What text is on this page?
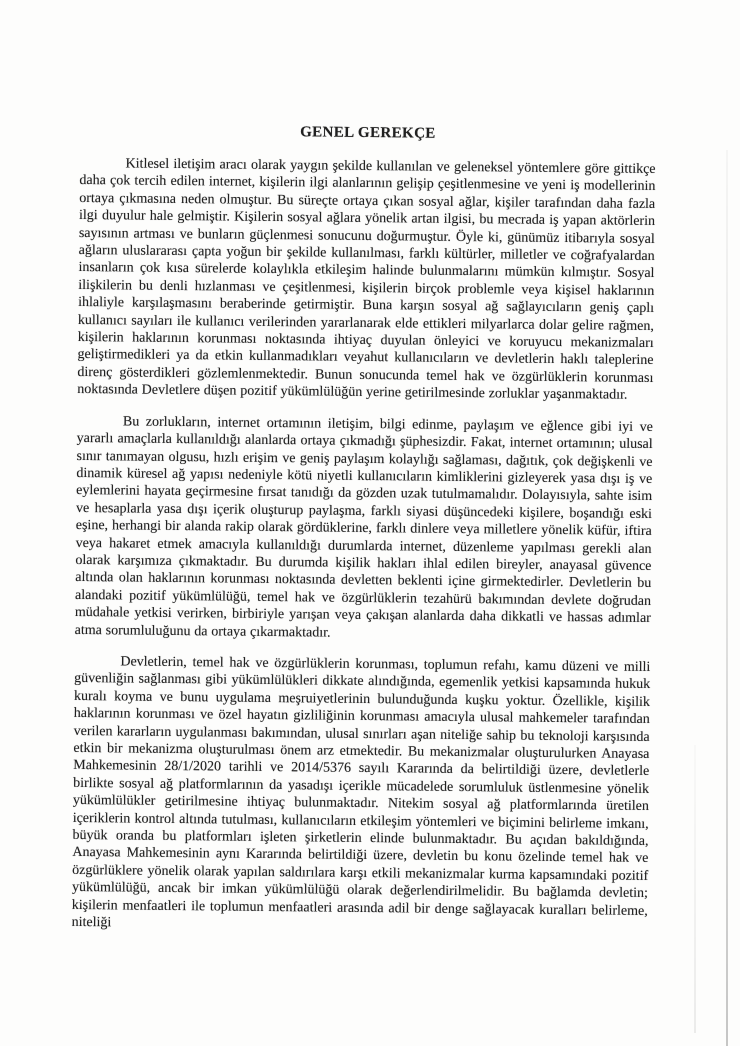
GENEL GEREKÇE

Kitlesel iletişim aracı olarak yaygın şekilde kullanılan ve geleneksel yöntemlere göre gittikçe daha çok tercih edilen internet, kişilerin ilgi alanlarının gelişip çeşitlenmesine ve yeni iş modellerinin ortaya çıkmasına neden olmuştur. Bu süreçte ortaya çıkan sosyal ağlar, kişiler tarafından daha fazla ilgi duyulur hale gelmiştir. Kişilerin sosyal ağlara yönelik artan ilgisi, bu mecrada iş yapan aktörlerin sayısının artması ve bunların güçlenmesi sonucunu doğurmuştur. Öyle ki, günümüz itibarıyla sosyal ağların uluslararası çapta yoğun bir şekilde kullanılması, farklı kültürler, milletler ve coğrafyalardan insanların çok kısa sürelerde kolaylıkla etkileşim halinde bulunmalarını mümkün kılmıştır. Sosyal ilişkilerin bu denli hızlanması ve çeşitlenmesi, kişilerin birçok problemle veya kişisel haklarının ihlaliyle karşılaşmasını beraberinde getirmiştir. Buna karşın sosyal ağ sağlayıcıların geniş çaplı kullanıcı sayıları ile kullanıcı verilerinden yararlanarak elde ettikleri milyarlarca dolar gelire rağmen, kişilerin haklarının korunması noktasında ihtiyaç duyulan önleyici ve koruyucu mekanizmaları geliştirmedikleri ya da etkin kullanmadıkları veyahut kullanıcıların ve devletlerin haklı taleplerine direnç gösterdikleri gözlemlenmektedir. Bunun sonucunda temel hak ve özgürlüklerin korunması noktasında Devletlere düşen pozitif yükümlülüğün yerine getirilmesinde zorluklar yaşanmaktadır.

Bu zorlukların, internet ortamının iletişim, bilgi edinme, paylaşım ve eğlence gibi iyi ve yararlı amaçlarla kullanıldığı alanlarda ortaya çıkmadığı şüphesizdir. Fakat, internet ortamının; ulusal sınır tanımayan olgusu, hızlı erişim ve geniş paylaşım kolaylığı sağlaması, dağıtık, çok değişkenli ve dinamik küresel ağ yapısı nedeniyle kötü niyetli kullanıcıların kimliklerini gizleyerek yasa dışı iş ve eylemlerini hayata geçirmesine fırsat tanıdığı da gözden uzak tutulmamalıdır. Dolayısıyla, sahte isim ve hesaplarla yasa dışı içerik oluşturup paylaşma, farklı siyasi düşüncedeki kişilere, boşandığı eski eşine, herhangi bir alanda rakip olarak gördüklerine, farklı dinlere veya milletlere yönelik küfür, iftira veya hakaret etmek amacıyla kullanıldığı durumlarda internet, düzenleme yapılması gerekli alan olarak karşımıza çıkmaktadır. Bu durumda kişilik hakları ihlal edilen bireyler, anayasal güvence altında olan haklarının korunması noktasında devletten beklenti içine girmektedirler. Devletlerin bu alandaki pozitif yükümlülüğü, temel hak ve özgürlüklerin tezahürü bakımından devlete doğrudan müdahale yetkisi verirken, birbiriyle yarışan veya çakışan alanlarda daha dikkatli ve hassas adımlar atma sorumluluğunu da ortaya çıkarmaktadır.

Devletlerin, temel hak ve özgürlüklerin korunması, toplumun refahı, kamu düzeni ve milli güvenliğin sağlanması gibi yükümlülükleri dikkate alındığında, egemenlik yetkisi kapsamında hukuk kuralı koyma ve bunu uygulama meşruiyetlerinin bulunduğunda kuşku yoktur. Özellikle, kişilik haklarının korunması ve özel hayatın gizliliğinin korunması amacıyla ulusal mahkemeler tarafından verilen kararların uygulanması bakımından, ulusal sınırları aşan niteliğe sahip bu teknoloji karşısında etkin bir mekanizma oluşturulması önem arz etmektedir. Bu mekanizmalar oluşturulurken Anayasa Mahkemesinin 28/1/2020 tarihli ve 2014/5376 sayılı Kararında da belirtildiği üzere, devletlerle birlikte sosyal ağ platformlarının da yasadışı içerikle mücadelede sorumluluk üstlenmesine yönelik yükümlülükler getirilmesine ihtiyaç bulunmaktadır. Nitekim sosyal ağ platformlarında üretilen içeriklerin kontrol altında tutulması, kullanıcıların etkileşim yöntemleri ve biçimini belirleme imkanı, büyük oranda bu platformları işleten şirketlerin elinde bulunmaktadır. Bu açıdan bakıldığında, Anayasa Mahkemesinin aynı Kararında belirtildiği üzere, devletin bu konu özelinde temel hak ve özgürlüklere yönelik olarak yapılan saldırılara karşı etkili mekanizmalar kurma kapsamındaki pozitif yükümlülüğü, ancak bir imkan yükümlülüğü olarak değerlendirilmelidir. Bu bağlamda devletin; kişilerin menfaatleri ile toplumun menfaatleri arasında adil bir denge sağlayacak kuralları belirleme, niteliği
